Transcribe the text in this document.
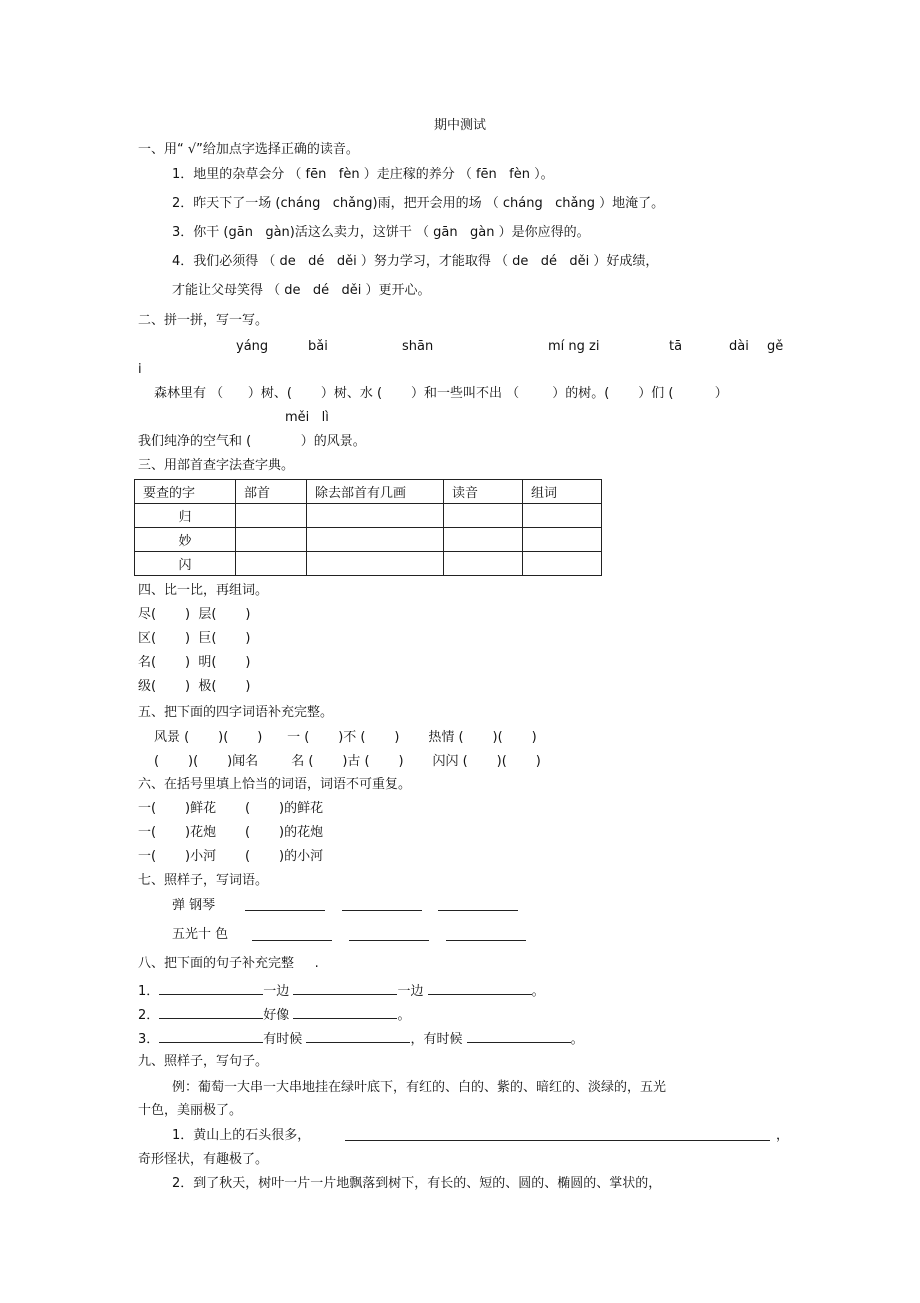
期中测试
一、用“ √”给加点字选择正确的读音。
1．地里的杂草会分 （ fēn   fèn ）走庄稼的养分 （ fēn   fèn ）。
2．昨天下了一场 (cháng   chǎng)雨，把开会用的场 （ cháng   chǎng ）地淹了。
3．你干 (gān   gàn)活这么卖力，这饼干 （ gān   gàn ）是你应得的。
4．我们必须得 （ de   dé   děi ）努力学习，才能取得 （ de   dé   děi ）好成绩，
才能让父母笑得 （ de   dé   děi ）更开心。
二、拼一拼，写一写。
yáng	bǎi	shān	mí ng zi	tā	dài gě
i
森林里有 （      ）树、(       ）树、水 (       ）和一些叫不出 （        ）的树。(       ）们 (          ）
měi   lì
我们纯净的空气和 (            ）的风景。
三、用部首查字法查字典。
要查的字	部首	除去部首有几画	读音	组词
归				
妙				
闪				
四、比一比，再组词。
尽(       )  层(       )
区(       )  巨(       )
名(       )  明(       )
级(       )  极(       )
五、把下面的四字词语补充完整。
风景 (       )(       )      一 (       )不 (       )       热情 (       )(       )
(       )(       )闻名        名 (       )古 (       )       闪闪 (       )(       )
六、在括号里填上恰当的词语，词语不可重复。
一(       )鲜花       (       )的鲜花
一(       )花炮       (       )的花炮
一(       )小河       (       )的小河
七、照样子，写词语。
弹 钢琴
五光十 色
八、把下面的句子补充完整     .
1．	一边	一边	。
2．	好像	。
3．	有时候	，有时候	。
九、照样子，写句子。
例：葡萄一大串一大串地挂在绿叶底下，有红的、白的、紫的、暗红的、淡绿的，五光
十色，美丽极了。
1．黄山上的石头很多，	，
奇形怪状，有趣极了。
2．到了秋天，树叶一片一片地飘落到树下，有长的、短的、圆的、椭圆的、掌状的，
